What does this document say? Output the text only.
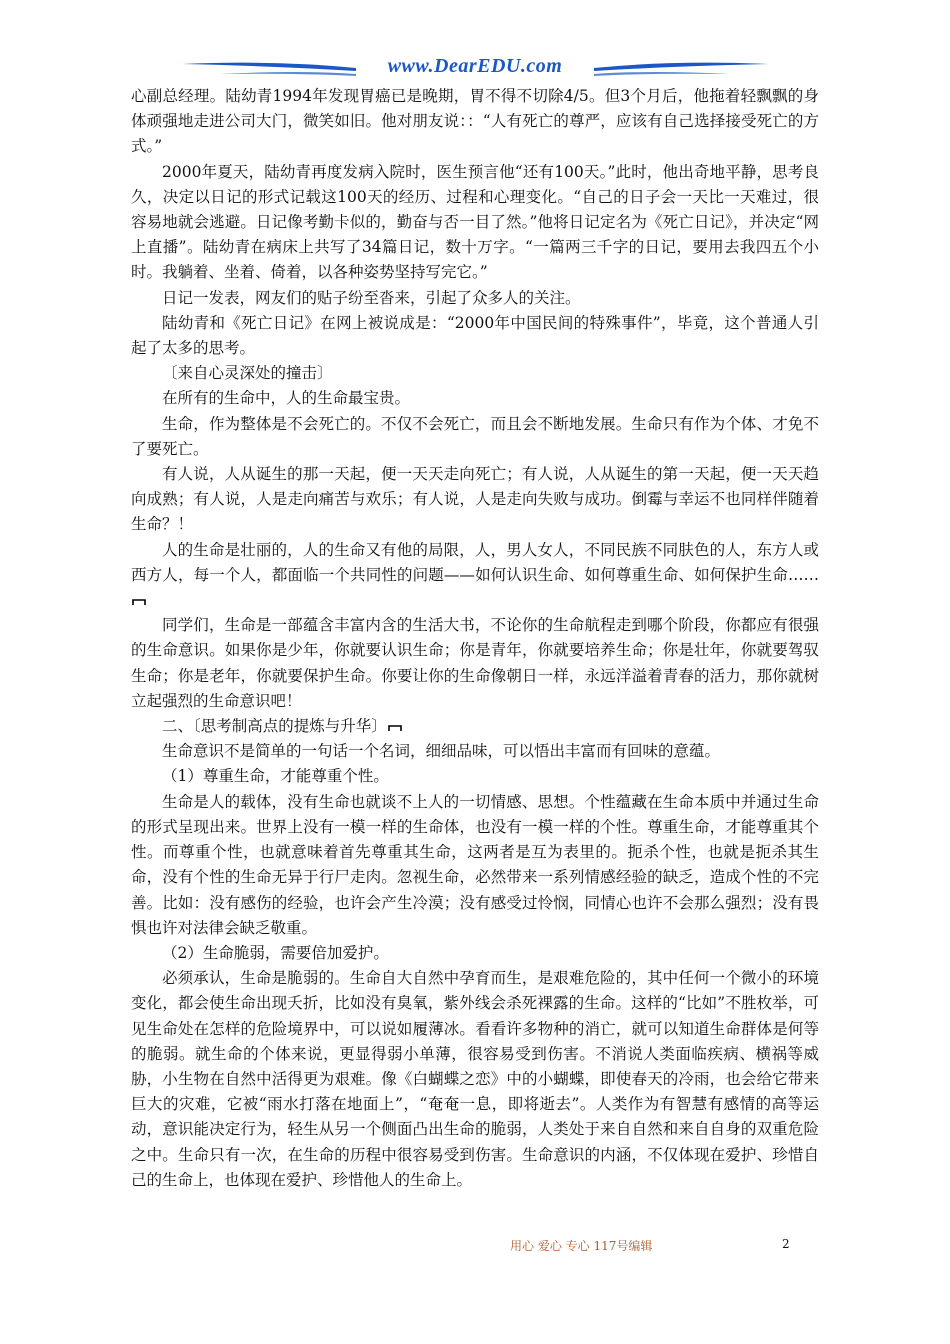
www.DearEDU.com

心副总经理。陆幼青1994年发现胃癌已是晚期，胃不得不切除4/5。但3个月后，他拖着轻飘飘的身体顽强地走进公司大门，微笑如旧。他对朋友说：：“人有死亡的尊严，应该有自己选择接受死亡的方式。”

2000年夏天，陆幼青再度发病入院时，医生预言他“还有100天。”此时，他出奇地平静，思考良久，决定以日记的形式记载这100天的经历、过程和心理变化。“自己的日子会一天比一天难过，很容易地就会逃避。日记像考勤卡似的，勤奋与否一目了然。”他将日记定名为《死亡日记》，并决定“网上直播”。陆幼青在病床上共写了34篇日记，数十万字。“一篇两三千字的日记，要用去我四五个小时。我躺着、坐着、倚着，以各种姿势坚持写完它。”

日记一发表，网友们的贴子纷至沓来，引起了众多人的关注。

陆幼青和《死亡日记》在网上被说成是：“2000年中国民间的特殊事件”，毕竟，这个普通人引起了太多的思考。

〔来自心灵深处的撞击〕

在所有的生命中，人的生命最宝贵。

生命，作为整体是不会死亡的。不仅不会死亡，而且会不断地发展。生命只有作为个体、才免不了要死亡。

有人说，人从诞生的那一天起，便一天天走向死亡；有人说，人从诞生的第一天起，便一天天趋向成熟；有人说，人是走向痛苦与欢乐；有人说，人是走向失败与成功。倒霉与幸运不也同样伴随着生命？！

人的生命是壮丽的，人的生命又有他的局限，人，男人女人，不同民族不同肤色的人，东方人或西方人，每一个人，都面临一个共同性的问题——如何认识生命、如何尊重生命、如何保护生命……

同学们，生命是一部蕴含丰富内含的生活大书，不论你的生命航程走到哪个阶段，你都应有很强的生命意识。如果你是少年，你就要认识生命；你是青年，你就要培养生命；你是壮年，你就要驾驭生命；你是老年，你就要保护生命。你要让你的生命像朝日一样，永远洋溢着青春的活力，那你就树立起强烈的生命意识吧！

二、〔思考制高点的提炼与升华〕

生命意识不是简单的一句话一个名词，细细品味，可以悟出丰富而有回味的意蕴。

（1）尊重生命，才能尊重个性。

生命是人的载体，没有生命也就谈不上人的一切情感、思想。个性蕴藏在生命本质中并通过生命的形式呈现出来。世界上没有一模一样的生命体，也没有一模一样的个性。尊重生命，才能尊重其个性。而尊重个性，也就意味着首先尊重其生命，这两者是互为表里的。扼杀个性，也就是扼杀其生命，没有个性的生命无异于行尸走肉。忽视生命，必然带来一系列情感经验的缺乏，造成个性的不完善。比如：没有感伤的经验，也许会产生冷漠；没有感受过怜悯，同情心也许不会那么强烈；没有畏惧也许对法律会缺乏敬重。

（2）生命脆弱，需要倍加爱护。

必须承认，生命是脆弱的。生命自大自然中孕育而生，是艰难危险的，其中任何一个微小的环境变化，都会使生命出现夭折，比如没有臭氧，紫外线会杀死裸露的生命。这样的“比如”不胜枚举，可见生命处在怎样的危险境界中，可以说如履薄冰。看看许多物种的消亡，就可以知道生命群体是何等的脆弱。就生命的个体来说，更显得弱小单薄，很容易受到伤害。不消说人类面临疾病、横祸等威胁，小生物在自然中活得更为艰难。像《白蝴蝶之恋》中的小蝴蝶，即使春天的冷雨，也会给它带来巨大的灾难，它被“雨水打落在地面上”，“奄奄一息，即将逝去”。人类作为有智慧有感情的高等运动，意识能决定行为，轻生从另一个侧面凸出生命的脆弱，人类处于来自自然和来自自身的双重危险之中。生命只有一次，在生命的历程中很容易受到伤害。生命意识的内涵，不仅体现在爱护、珍惜自己的生命上，也体现在爱护、珍惜他人的生命上。

用心 爱心 专心 117号编辑	2
